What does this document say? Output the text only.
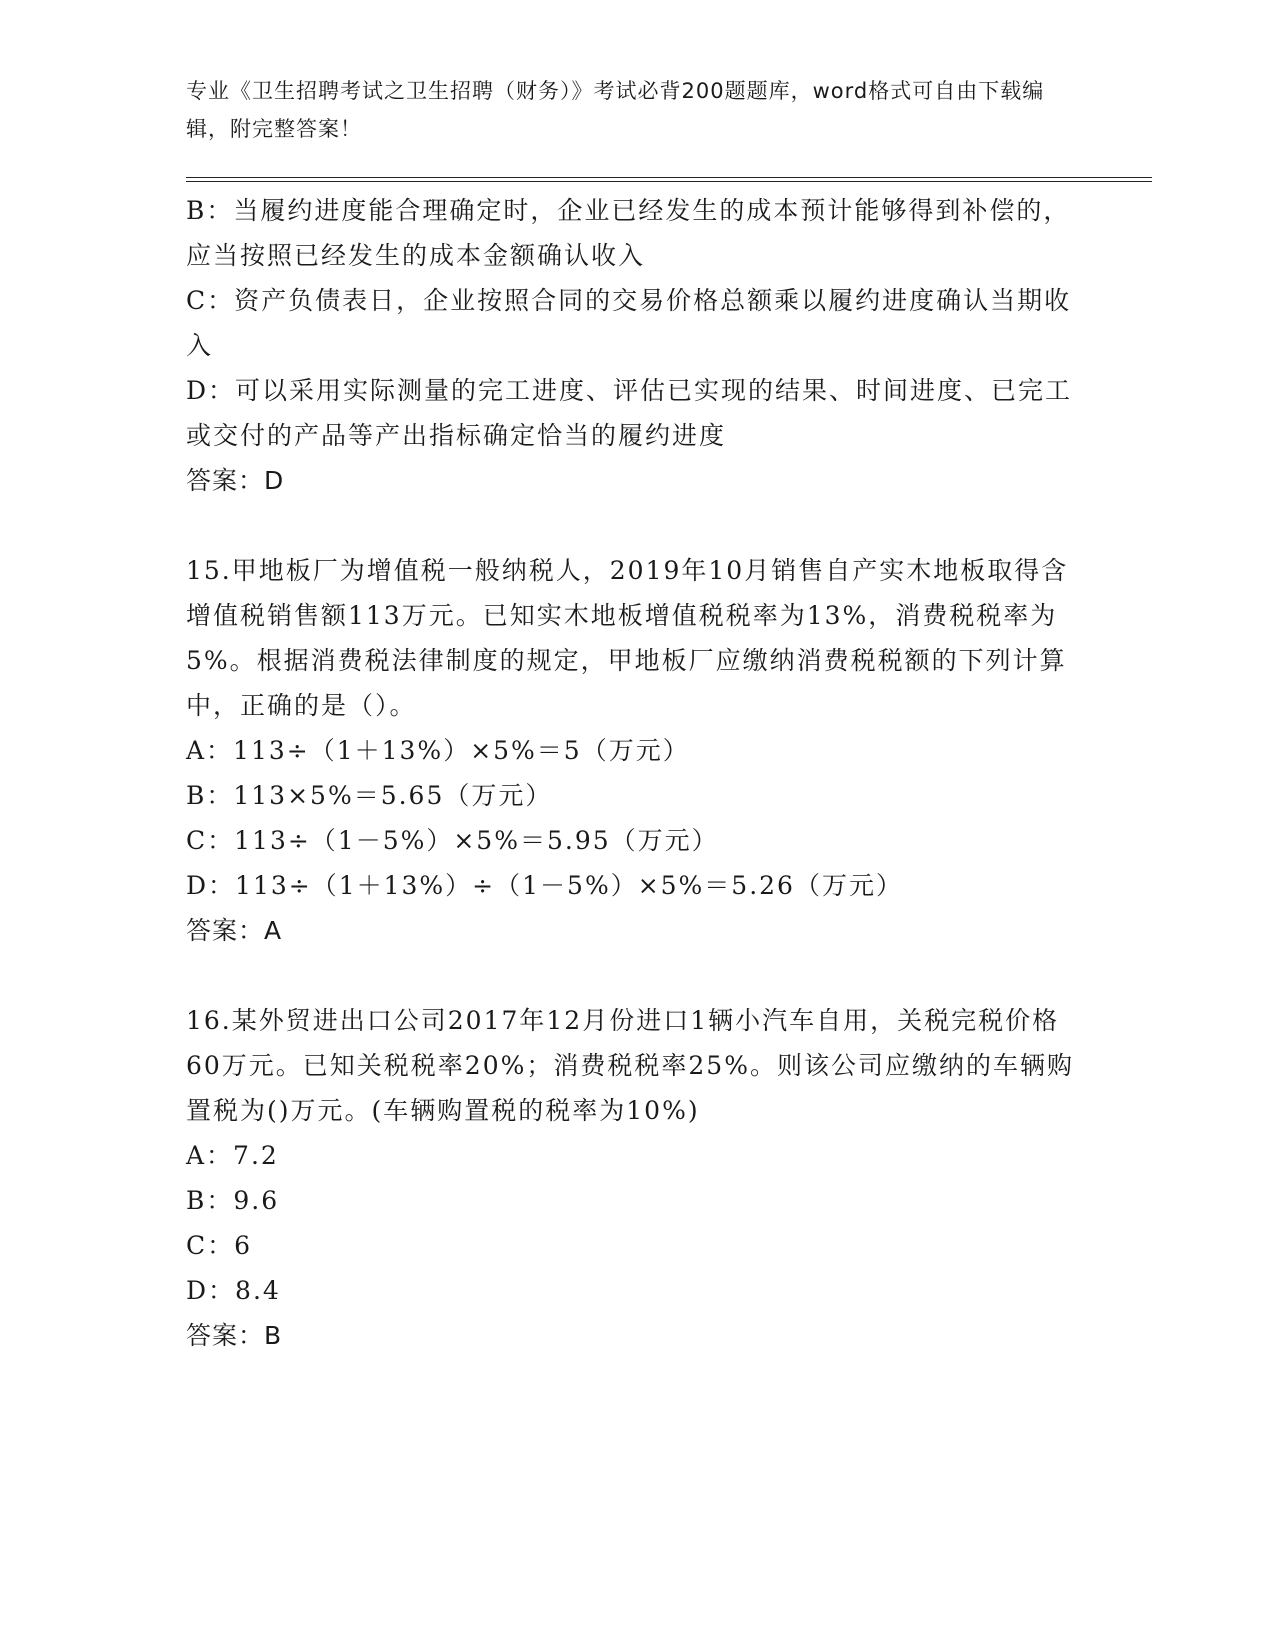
专业《卫生招聘考试之卫生招聘（财务）》考试必背200题题库，word格式可自由下载编辑，附完整答案！
B：当履约进度能合理确定时，企业已经发生的成本预计能够得到补偿的，应当按照已经发生的成本金额确认收入
C：资产负债表日，企业按照合同的交易价格总额乘以履约进度确认当期收入
D：可以采用实际测量的完工进度、评估已实现的结果、时间进度、已完工或交付的产品等产出指标确定恰当的履约进度
答案：D
15.甲地板厂为增值税一般纳税人，2019年10月销售自产实木地板取得含增值税销售额113万元。已知实木地板增值税税率为13%，消费税税率为5%。根据消费税法律制度的规定，甲地板厂应缴纳消费税税额的下列计算中，正确的是（）。
A：113÷（1＋13%）×5%＝5（万元）
B：113×5%＝5.65（万元）
C：113÷（1－5%）×5%＝5.95（万元）
D：113÷（1＋13%）÷（1－5%）×5%＝5.26（万元）
答案：A
16.某外贸进出口公司2017年12月份进口1辆小汽车自用，关税完税价格60万元。已知关税税率20%；消费税税率25%。则该公司应缴纳的车辆购置税为()万元。(车辆购置税的税率为10%)
A：7.2
B：9.6
C：6
D：8.4
答案：B
